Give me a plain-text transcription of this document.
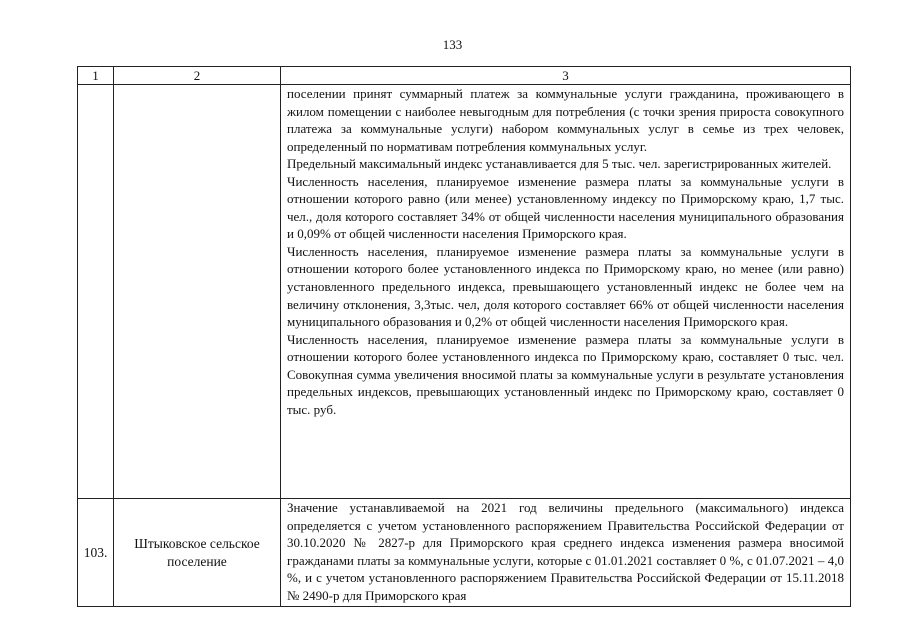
133
1	2	3

		поселении принят суммарный платеж за коммунальные услуги гражданина, проживающего в жилом помещении с наиболее невыгодным для потребления (с точки зрения прироста совокупного платежа за коммунальные услуги) набором коммунальных услуг в семье из трех человек, определенный по нормативам потребления коммунальных услуг.

Предельный максимальный индекс устанавливается для 5 тыс. чел. зарегистрированных жителей.

Численность населения, планируемое изменение размера платы за коммунальные услуги в отношении которого равно (или менее) установленному индексу по Приморскому краю, 1,7 тыс. чел., доля которого составляет 34% от общей численности населения муниципального образования и 0,09% от общей численности населения Приморского края.

Численность населения, планируемое изменение размера платы за коммунальные услуги в отношении которого более установленного индекса по Приморскому краю, но менее (или равно) установленного предельного индекса, превышающего установленный индекс не более чем на величину отклонения, 3,3тыс. чел, доля которого составляет 66% от общей численности населения муниципального образования и 0,2% от общей численности населения Приморского края.

Численность населения, планируемое изменение размера платы за коммунальные услуги в отношении которого более установленного индекса по Приморскому краю, составляет 0 тыс. чел. Совокупная сумма увеличения вносимой платы за коммунальные услуги в результате установления предельных индексов, превышающих установленный индекс по Приморскому краю, составляет 0 тыс. руб.

103.	Штыковское сельское поселение	Значение устанавливаемой на 2021 год величины предельного (максимального) индекса определяется с учетом установленного распоряжением Правительства Российской Федерации от 30.10.2020 № 2827-р для Приморского края среднего индекса изменения размера вносимой гражданами платы за коммунальные услуги, которые с 01.01.2021 составляет 0 %, с 01.07.2021 – 4,0 %, и с учетом установленного распоряжением Правительства Российской Федерации от 15.11.2018 № 2490-р для Приморского края
